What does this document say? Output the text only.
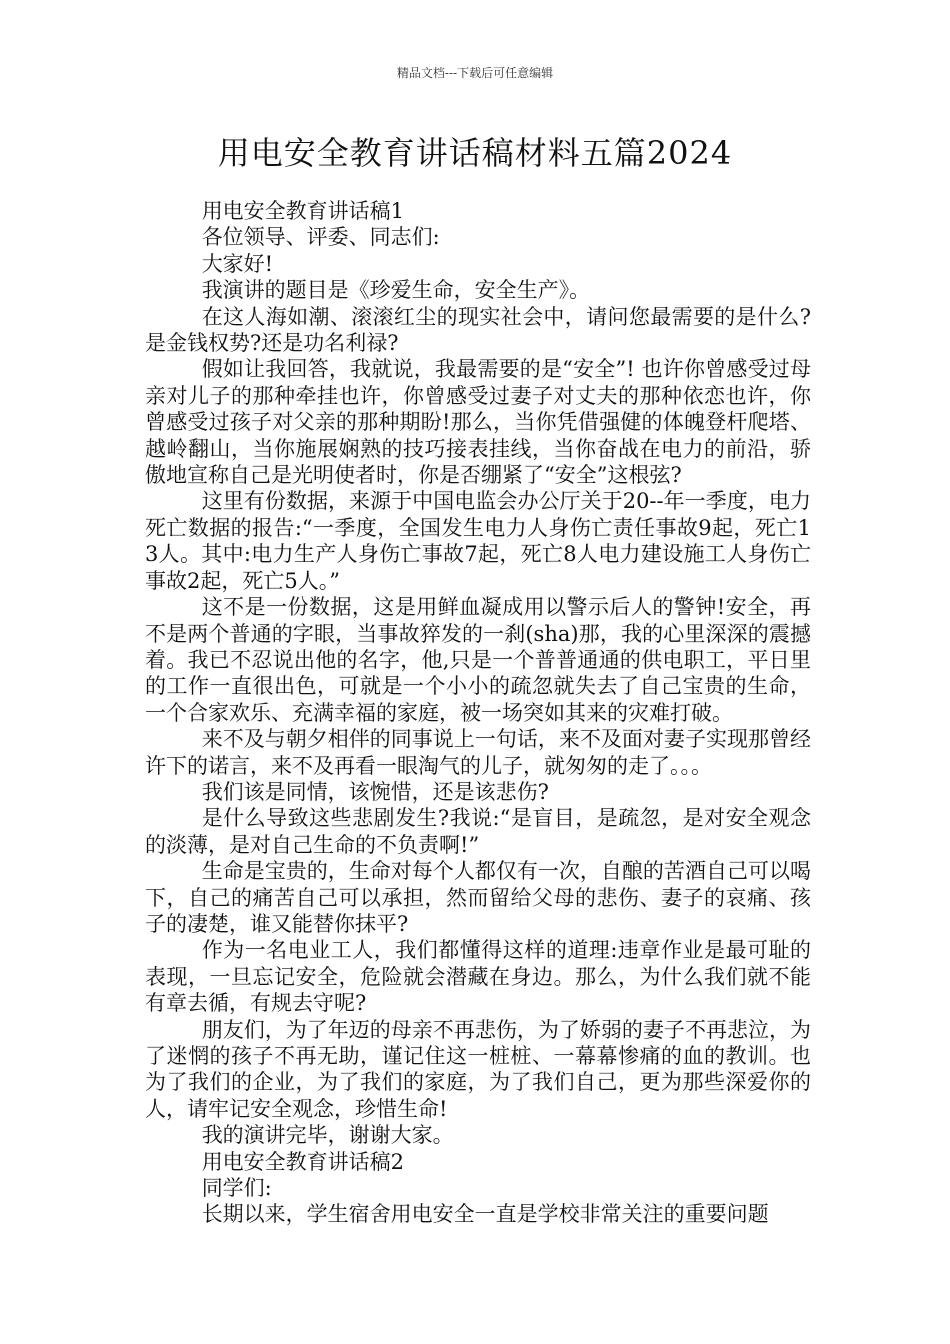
精品文档---下载后可任意编辑
用电安全教育讲话稿材料五篇2024

用电安全教育讲话稿1

各位领导、评委、同志们:

大家好!

我演讲的题目是《珍爱生命，安全生产》。

在这人海如潮、滚滚红尘的现实社会中，请问您最需要的是什么?是金钱权势?还是功名利禄?

假如让我回答，我就说，我最需要的是“安全”! 也许你曾感受过母亲对儿子的那种牵挂也许，你曾感受过妻子对丈夫的那种依恋也许，你曾感受过孩子对父亲的那种期盼!那么，当你凭借强健的体魄登杆爬塔、越岭翻山，当你施展娴熟的技巧接表挂线，当你奋战在电力的前沿，骄傲地宣称自己是光明使者时，你是否绷紧了“安全”这根弦?

这里有份数据，来源于中国电监会办公厅关于20--年一季度，电力死亡数据的报告:“一季度，全国发生电力人身伤亡责任事故9起，死亡13人。其中:电力生产人身伤亡事故7起，死亡8人电力建设施工人身伤亡事故2起，死亡5人。”

这不是一份数据，这是用鲜血凝成用以警示后人的警钟!安全，再不是两个普通的字眼，当事故猝发的一刹(sha)那，我的心里深深的震撼着。我已不忍说出他的名字，他,只是一个普普通通的供电职工，平日里的工作一直很出色，可就是一个小小的疏忽就失去了自己宝贵的生命，一个合家欢乐、充满幸福的家庭，被一场突如其来的灾难打破。

来不及与朝夕相伴的同事说上一句话，来不及面对妻子实现那曾经许下的诺言，来不及再看一眼淘气的儿子，就匆匆的走了。。。

我们该是同情，该惋惜，还是该悲伤?

是什么导致这些悲剧发生?我说:“是盲目，是疏忽，是对安全观念的淡薄，是对自己生命的不负责啊!”

生命是宝贵的，生命对每个人都仅有一次，自酿的苦酒自己可以喝下，自己的痛苦自己可以承担，然而留给父母的悲伤、妻子的哀痛、孩子的凄楚，谁又能替你抹平?

作为一名电业工人，我们都懂得这样的道理:违章作业是最可耻的表现，一旦忘记安全，危险就会潜藏在身边。那么，为什么我们就不能有章去循，有规去守呢?

朋友们，为了年迈的母亲不再悲伤，为了娇弱的妻子不再悲泣，为了迷惘的孩子不再无助，谨记住这一桩桩、一幕幕惨痛的血的教训。也为了我们的企业，为了我们的家庭，为了我们自己，更为那些深爱你的人，请牢记安全观念，珍惜生命!

我的演讲完毕，谢谢大家。

用电安全教育讲话稿2

同学们:

长期以来，学生宿舍用电安全一直是学校非常关注的重要问题
